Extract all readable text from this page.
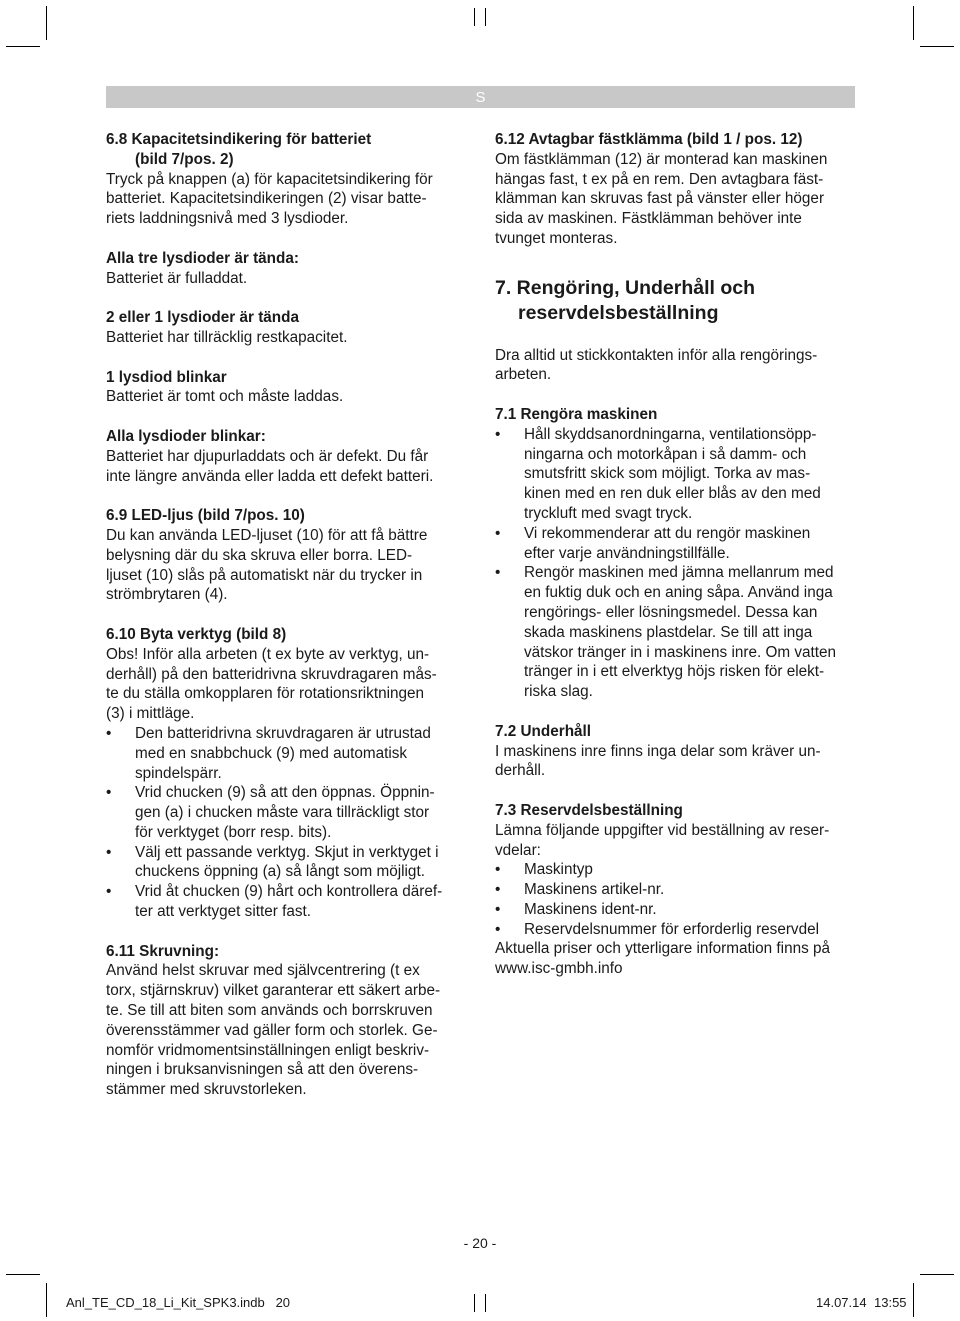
S

6.8 Kapacitetsindikering för batteriet

(bild 7/pos. 2)

Tryck på knappen (a) för kapacitetsindikering för

batteriet. Kapacitetsindikeringen (2) visar batte-

riets laddningsnivå med 3 lysdioder.

Alla tre lysdioder är tända:

Batteriet är fulladdat.

2 eller 1 lysdioder är tända

Batteriet har tillräcklig restkapacitet.

1 lysdiod blinkar

Batteriet är tomt och måste laddas.

Alla lysdioder blinkar:

Batteriet har djupurladdats och är defekt. Du får

inte längre använda eller ladda ett defekt batteri.

6.9 LED-ljus (bild 7/pos. 10)

Du kan använda LED-ljuset (10) för att få bättre

belysning där du ska skruva eller borra. LED-

ljuset (10) slås på automatiskt när du trycker in

strömbrytaren (4).

6.10 Byta verktyg (bild 8)

Obs! Inför alla arbeten (t ex byte av verktyg, un-

derhåll) på den batteridrivna skruvdragaren mås-

te du ställa omkopplaren för rotationsriktningen

(3) i mittläge.

•	Den batteridrivna skruvdragaren är utrustad

med en snabbchuck (9) med automatisk

spindelspärr.

•	Vrid chucken (9) så att den öppnas. Öppnin-

gen (a) i chucken måste vara tillräckligt stor

för verktyget (borr resp. bits).

•	Välj ett passande verktyg. Skjut in verktyget i

chuckens öppning (a) så långt som möjligt.

•	Vrid åt chucken (9) hårt och kontrollera däref-

ter att verktyget sitter fast.

6.11 Skruvning:

Använd helst skruvar med självcentrering (t ex

torx, stjärnskruv) vilket garanterar ett säkert arbe-

te. Se till att biten som används och borrskruven

överensstämmer vad gäller form och storlek. Ge-

nomför vridmomentsinställningen enligt beskriv-

ningen i bruksanvisningen så att den överens-

stämmer med skruvstorleken.

6.12 Avtagbar fästklämma (bild 1 / pos. 12)

Om fästklämman (12) är monterad kan maskinen

hängas fast, t ex på en rem. Den avtagbara fäst-

klämman kan skruvas fast på vänster eller höger

sida av maskinen. Fästklämman behöver inte

tvunget monteras.

7. Rengöring, Underhåll och

reservdelsbeställning

Dra alltid ut stickkontakten inför alla rengörings-

arbeten.

7.1 Rengöra maskinen

•	Håll skyddsanordningarna, ventilationsöpp-

ningarna och motorkåpan i så damm- och

smutsfritt skick som möjligt. Torka av mas-

kinen med en ren duk eller blås av den med

tryckluft med svagt tryck.

•	Vi rekommenderar att du rengör maskinen

efter varje användningstillfälle.

•	Rengör maskinen med jämna mellanrum med

en fuktig duk och en aning såpa. Använd inga

rengörings- eller lösningsmedel. Dessa kan

skada maskinens plastdelar. Se till att inga

vätskor tränger in i maskinens inre. Om vatten

tränger in i ett elverktyg höjs risken för elekt-

riska slag.

7.2 Underhåll

I maskinens inre finns inga delar som kräver un-

derhåll.

7.3 Reservdelsbeställning

Lämna följande uppgifter vid beställning av reser-

vdelar:

•	Maskintyp

•	Maskinens artikel-nr.

•	Maskinens ident-nr.

•	Reservdelsnummer för erforderlig reservdel

Aktuella priser och ytterligare information finns på

www.isc-gmbh.info

- 20 -
Anl_TE_CD_18_Li_Kit_SPK3.indb   20	14.07.14 13:55
